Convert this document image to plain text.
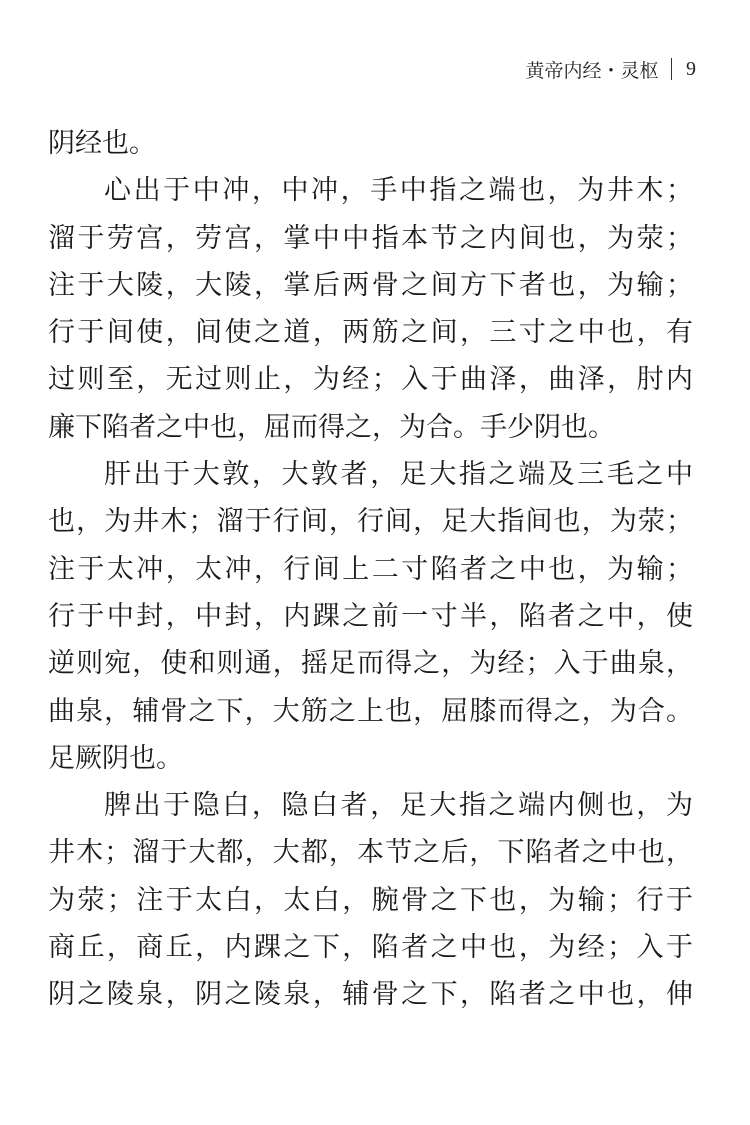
黄帝内经・灵枢 9
阴经也。
心出于中冲，中冲，手中指之端也，为井木；
溜于劳宫，劳宫，掌中中指本节之内间也，为荥；
注于大陵，大陵，掌后两骨之间方下者也，为输；
行于间使，间使之道，两筋之间，三寸之中也，有
过则至，无过则止，为经；入于曲泽，曲泽，肘内
廉下陷者之中也，屈而得之，为合。手少阴也。
肝出于大敦，大敦者，足大指之端及三毛之中
也，为井木；溜于行间，行间，足大指间也，为荥；
注于太冲，太冲，行间上二寸陷者之中也，为输；
行于中封，中封，内踝之前一寸半，陷者之中，使
逆则宛，使和则通，摇足而得之，为经；入于曲泉，
曲泉，辅骨之下，大筋之上也，屈膝而得之，为合。
足厥阴也。
脾出于隐白，隐白者，足大指之端内侧也，为
井木；溜于大都，大都，本节之后，下陷者之中也，
为荥；注于太白，太白，腕骨之下也，为输；行于
商丘，商丘，内踝之下，陷者之中也，为经；入于
阴之陵泉，阴之陵泉，辅骨之下，陷者之中也，伸
